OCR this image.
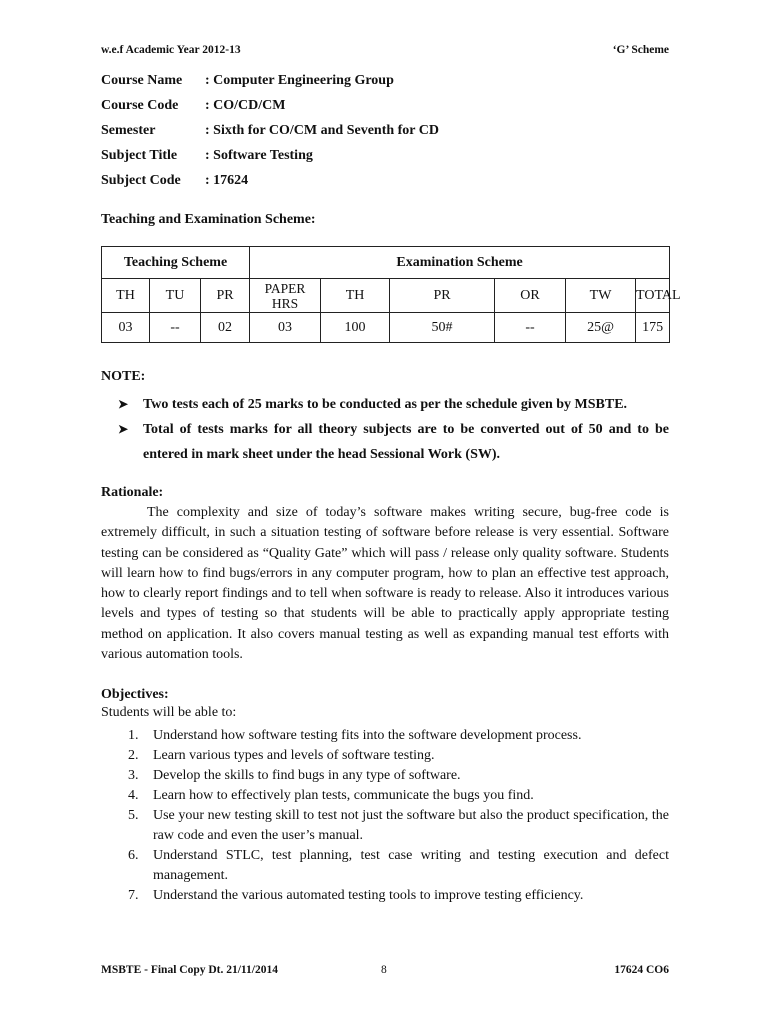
w.e.f Academic Year 2012-13	‘G’ Scheme
Course Name	: Computer Engineering Group
Course Code	: CO/CD/CM
Semester	: Sixth for CO/CM and Seventh for CD
Subject Title	: Software Testing
Subject Code	: 17624
Teaching and Examination Scheme:
Teaching Scheme			Examination Scheme					
TH	TU	PR	PAPER HRS	TH	PR	OR	TW	TOTAL
03	--	02	03	100	50#	--	25@	175
NOTE:
➤	Two tests each of 25 marks to be conducted as per the schedule given by MSBTE.
➤	Total of tests marks for all theory subjects are to be converted out of 50 and to be entered in mark sheet under the head Sessional Work (SW).
Rationale:

The complexity and size of today’s software makes writing secure, bug-free code is extremely difficult, in such a situation testing of software before release is very essential. Software testing can be considered as “Quality Gate” which will pass / release only quality software. Students will learn how to find bugs/errors in any computer program, how to plan an effective test approach, how to clearly report findings and to tell when software is ready to release. Also it introduces various levels and types of testing so that students will be able to practically apply appropriate testing method on application. It also covers manual testing as well as expanding manual test efforts with various automation tools.

Objectives:
Students will be able to:
1.	Understand how software testing fits into the software development process.
2.	Learn various types and levels of software testing.
3.	Develop the skills to find bugs in any type of software.
4.	Learn how to effectively plan tests, communicate the bugs you find.
5.	Use your new testing skill to test not just the software but also the product specification, the raw code and even the user’s manual.
6.	Understand STLC, test planning, test case writing and testing execution and defect management.
7.	Understand the various automated testing tools to improve testing efficiency.
MSBTE - Final Copy Dt. 21/11/2014	8	17624 CO6
